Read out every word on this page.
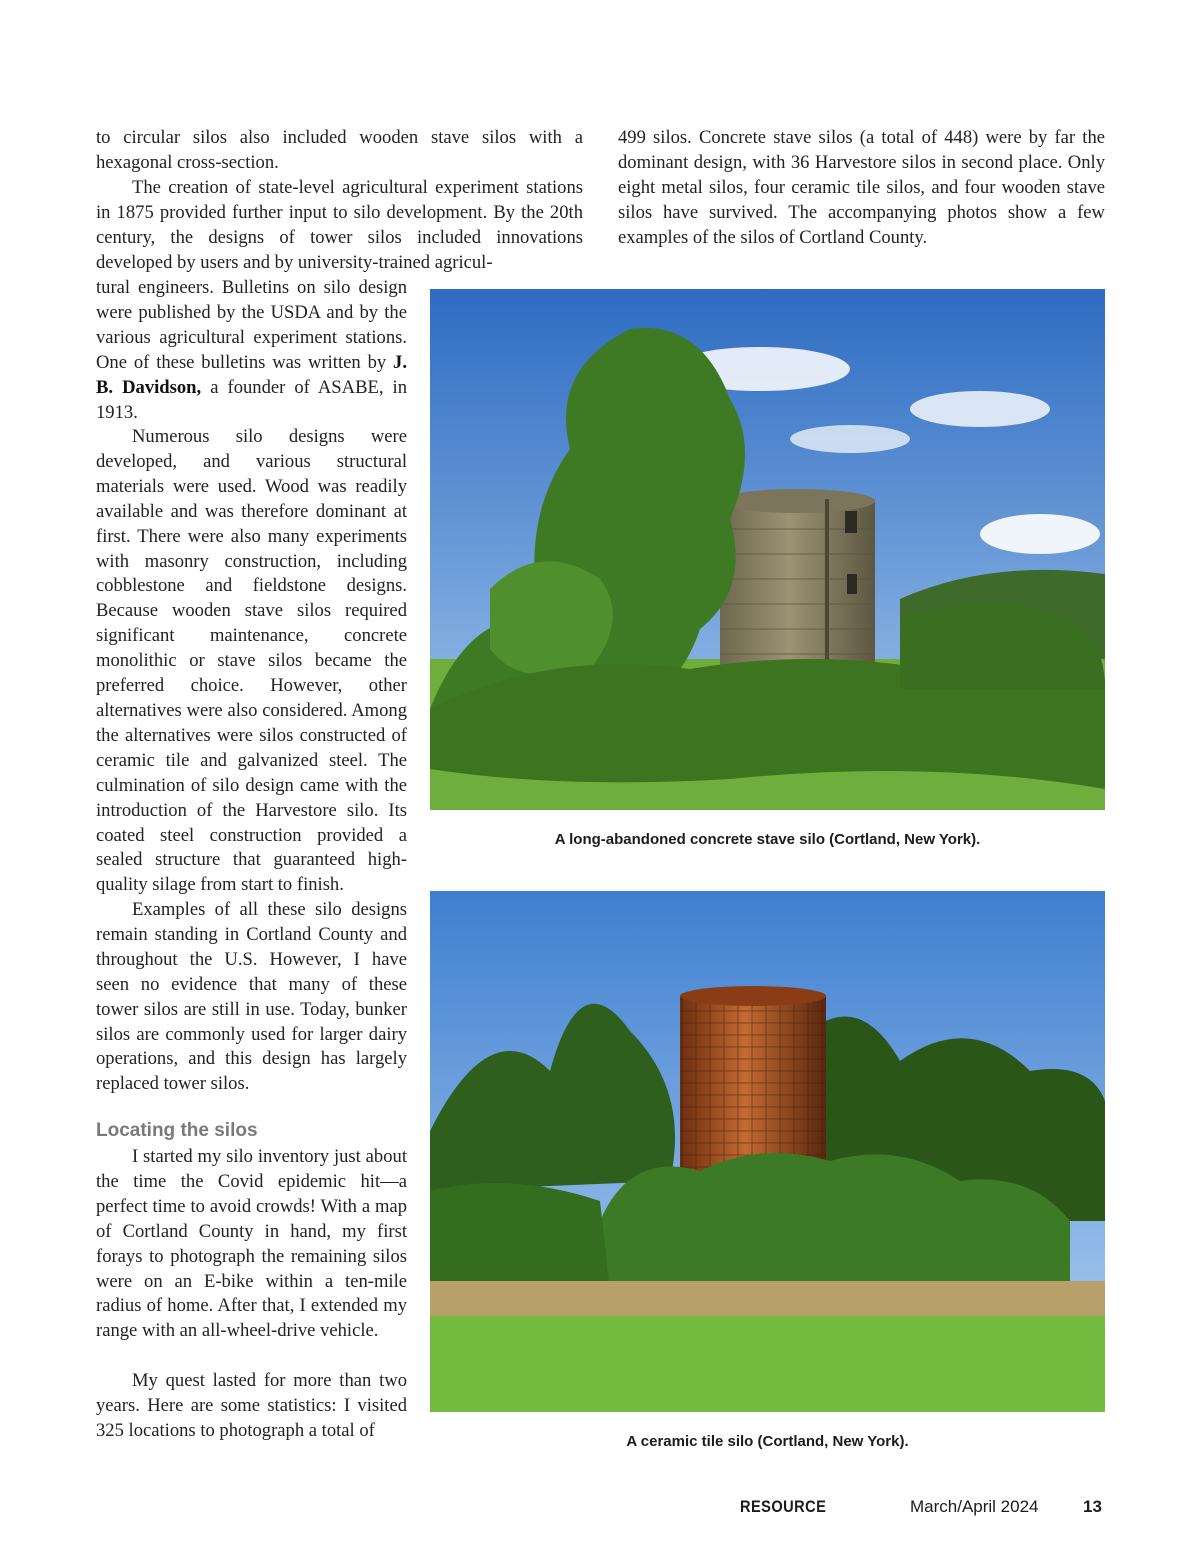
to circular silos also included wooden stave silos with a hexagonal cross-section.

The creation of state-level agricultural experiment stations in 1875 provided further input to silo development. By the 20th century, the designs of tower silos included innovations developed by users and by university-trained agricul-

499 silos. Concrete stave silos (a total of 448) were by far the dominant design, with 36 Harvestore silos in second place. Only eight metal silos, four ceramic tile silos, and four wooden stave silos have survived. The accompanying photos show a few examples of the silos of Cortland County.

A long-abandoned concrete stave silo (Cortland, New York).

A ceramic tile silo (Cortland, New York).

tural engineers. Bulletins on silo design were published by the USDA and by the various agricultural experiment stations. One of these bulletins was written by J. B. Davidson, a founder of ASABE, in 1913.

Numerous silo designs were developed, and various structural materials were used. Wood was readily available and was therefore dominant at first. There were also many experiments with masonry construction, including cobblestone and fieldstone designs. Because wooden stave silos required significant maintenance, concrete monolithic or stave silos became the preferred choice. However, other alternatives were also considered. Among the alternatives were silos constructed of ceramic tile and galvanized steel. The culmination of silo design came with the introduction of the Harvestore silo. Its coated steel construction provided a sealed structure that guaranteed high-quality silage from start to finish.

Examples of all these silo designs remain standing in Cortland County and throughout the U.S. However, I have seen no evidence that many of these tower silos are still in use. Today, bunker silos are commonly used for larger dairy operations, and this design has largely replaced tower silos.

Locating the silos

I started my silo inventory just about the time the Covid epidemic hit—a perfect time to avoid crowds! With a map of Cortland County in hand, my first forays to photograph the remaining silos were on an E-bike within a ten-mile radius of home. After that, I extended my range with an all-wheel-drive vehicle.

My quest lasted for more than two years. Here are some statistics: I visited 325 locations to photograph a total of

RESOURCE	March/April 2024	13
